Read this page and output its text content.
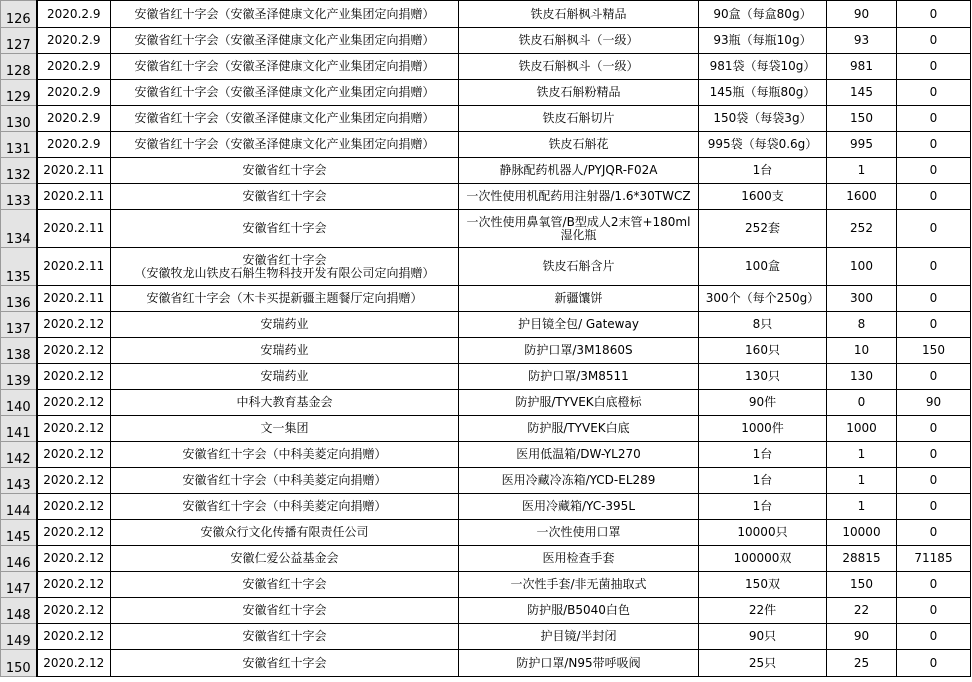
126	2020.2.9	安徽省红十字会（安徽圣泽健康文化产业集团定向捐赠）	铁皮石斛枫斗精品	90盒（每盒80g）	90	0
127	2020.2.9	安徽省红十字会（安徽圣泽健康文化产业集团定向捐赠）	铁皮石斛枫斗（一级）	93瓶（每瓶10g）	93	0
128	2020.2.9	安徽省红十字会（安徽圣泽健康文化产业集团定向捐赠）	铁皮石斛枫斗（一级）	981袋（每袋10g）	981	0
129	2020.2.9	安徽省红十字会（安徽圣泽健康文化产业集团定向捐赠）	铁皮石斛粉精品	145瓶（每瓶80g）	145	0
130	2020.2.9	安徽省红十字会（安徽圣泽健康文化产业集团定向捐赠）	铁皮石斛切片	150袋（每袋3g）	150	0
131	2020.2.9	安徽省红十字会（安徽圣泽健康文化产业集团定向捐赠）	铁皮石斛花	995袋（每袋0.6g）	995	0
132	2020.2.11	安徽省红十字会	静脉配药机器人/PYJQR-F02A	1台	1	0
133	2020.2.11	安徽省红十字会	一次性使用机配药用注射器/1.6*30TWCZ	1600支	1600	0
134	2020.2.11	安徽省红十字会	一次性使用鼻氧管/B型成人2末管+180ml
湿化瓶	252套	252	0
135	2020.2.11	安徽省红十字会
（安徽牧龙山铁皮石斛生物科技开发有限公司定向捐赠）	铁皮石斛含片	100盒	100	0
136	2020.2.11	安徽省红十字会（木卡买提新疆主题餐厅定向捐赠）	新疆馕饼	300个（每个250g）	300	0
137	2020.2.12	安瑞药业	护目镜全包/ Gateway	8只	8	0
138	2020.2.12	安瑞药业	防护口罩/3M1860S	160只	10	150
139	2020.2.12	安瑞药业	防护口罩/3M8511	130只	130	0
140	2020.2.12	中科大教育基金会	防护服/TYVEK白底橙标	90件	0	90
141	2020.2.12	文一集团	防护服/TYVEK白底	1000件	1000	0
142	2020.2.12	安徽省红十字会（中科美菱定向捐赠）	医用低温箱/DW-YL270	1台	1	0
143	2020.2.12	安徽省红十字会（中科美菱定向捐赠）	医用冷藏冷冻箱/YCD-EL289	1台	1	0
144	2020.2.12	安徽省红十字会（中科美菱定向捐赠）	医用冷藏箱/YC-395L	1台	1	0
145	2020.2.12	安徽众行文化传播有限责任公司	一次性使用口罩	10000只	10000	0
146	2020.2.12	安徽仁爱公益基金会	医用检查手套	100000双	28815	71185
147	2020.2.12	安徽省红十字会	一次性手套/非无菌抽取式	150双	150	0
148	2020.2.12	安徽省红十字会	防护服/B5040白色	22件	22	0
149	2020.2.12	安徽省红十字会	护目镜/半封闭	90只	90	0
150	2020.2.12	安徽省红十字会	防护口罩/N95带呼吸阀	25只	25	0
